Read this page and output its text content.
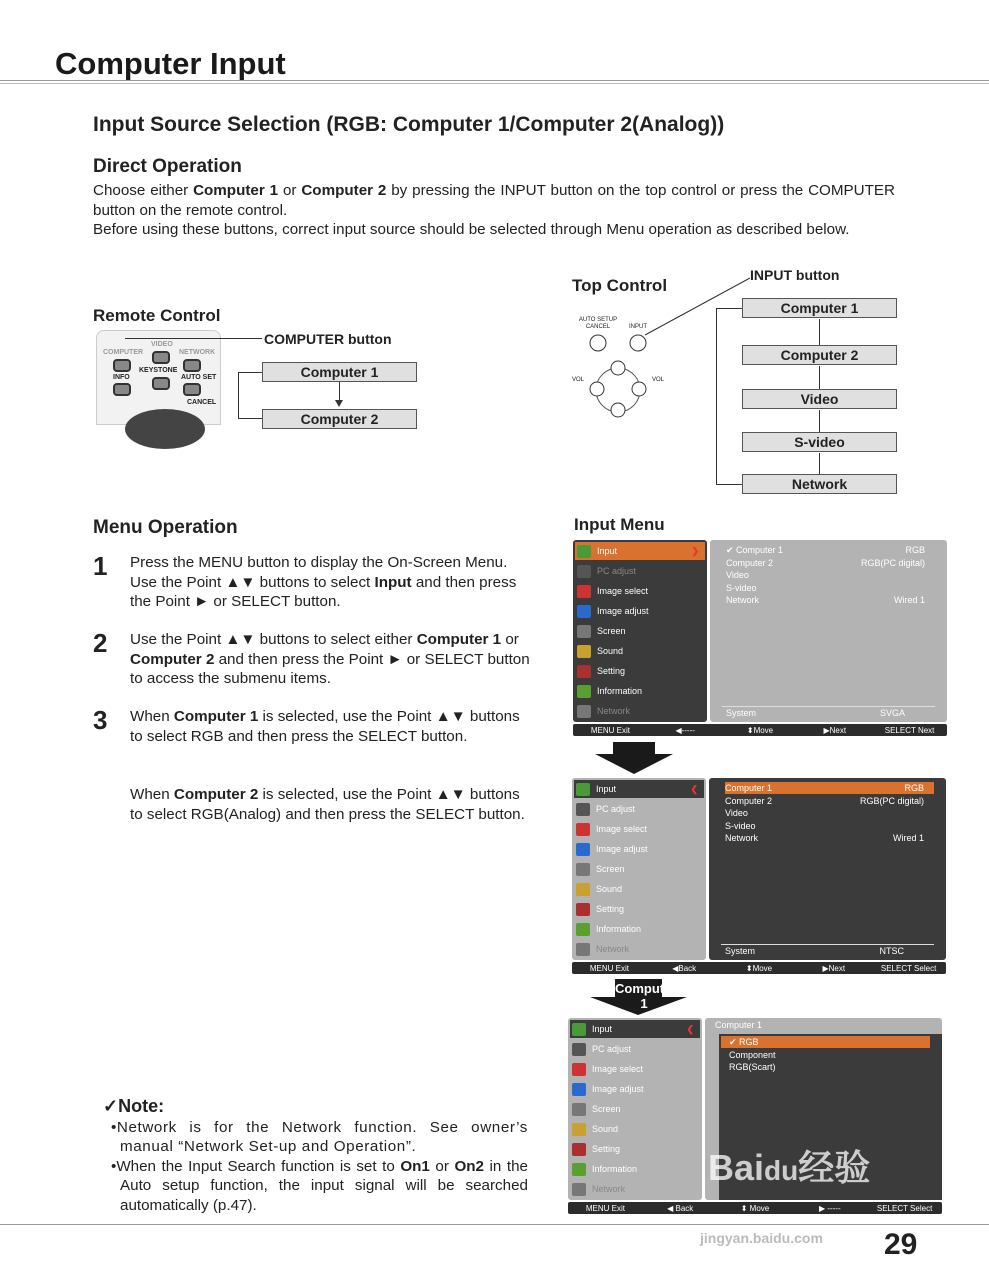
Computer Input
Input Source Selection (RGB: Computer 1/Computer 2(Analog))
Direct Operation
Choose either Computer 1 or Computer 2 by pressing the INPUT button on the top control or press the COMPUTER button on the remote control.
Before using these buttons, correct input source should be selected through Menu operation as described below.
Remote Control
COMPUTER
VIDEO
NETWORK
INFO
KEYSTONE
AUTO SET
CANCEL
COMPUTER button
Computer 1
Computer 2
Top Control
INPUT button
AUTO SETUP
CANCEL	INPUT
VOL	VOL
Computer 1
Computer 2
Video
S-video
Network
Menu Operation
1 Press the MENU button to display the On-Screen Menu. Use the Point ▲▼ buttons to select Input and then press the Point ► or SELECT button.
2 Use the Point ▲▼ buttons to select either Computer 1 or Computer 2 and then press the Point ► or SELECT button to access the submenu items.
3 When Computer 1 is selected, use the Point ▲▼ buttons to select RGB and then press the SELECT button.
When Computer 2 is selected, use the Point ▲▼ buttons to select RGB(Analog) and then press the SELECT button.
Input Menu
Input	❯
PC adjust
Image select
Image adjust
Screen
Sound
Setting
Information
Network
✔ Computer 1	RGB
Computer 2	RGB(PC digital)
Video
S-video
Network	Wired 1
System	SVGA
MENU Exit	◀-----	⬍Move	▶Next	SELECT Next
Input	❮
PC adjust
Image select
Image adjust
Screen
Sound
Setting
Information
Network
Computer 1	RGB
Computer 2	RGB(PC digital)
Video
S-video
Network	Wired 1
System	NTSC
MENU Exit	◀Back	⬍Move	▶Next	SELECT Select
Input	❮
PC adjust
Image select
Image adjust
Screen
Sound
Setting
Information
Network
Computer 1
✔ RGB
Component
RGB(Scart)
MENU Exit	◀ Back	⬍ Move	▶ -----	SELECT Select
Computer 1
✓Note:
•Network is for the Network function. See owner’s manual “Network Set-up and Operation”.
•When the Input Search function is set to On1 or On2 in the Auto setup function, the input signal will be searched automatically (p.47).
29
Baidu经验
jingyan.baidu.com
